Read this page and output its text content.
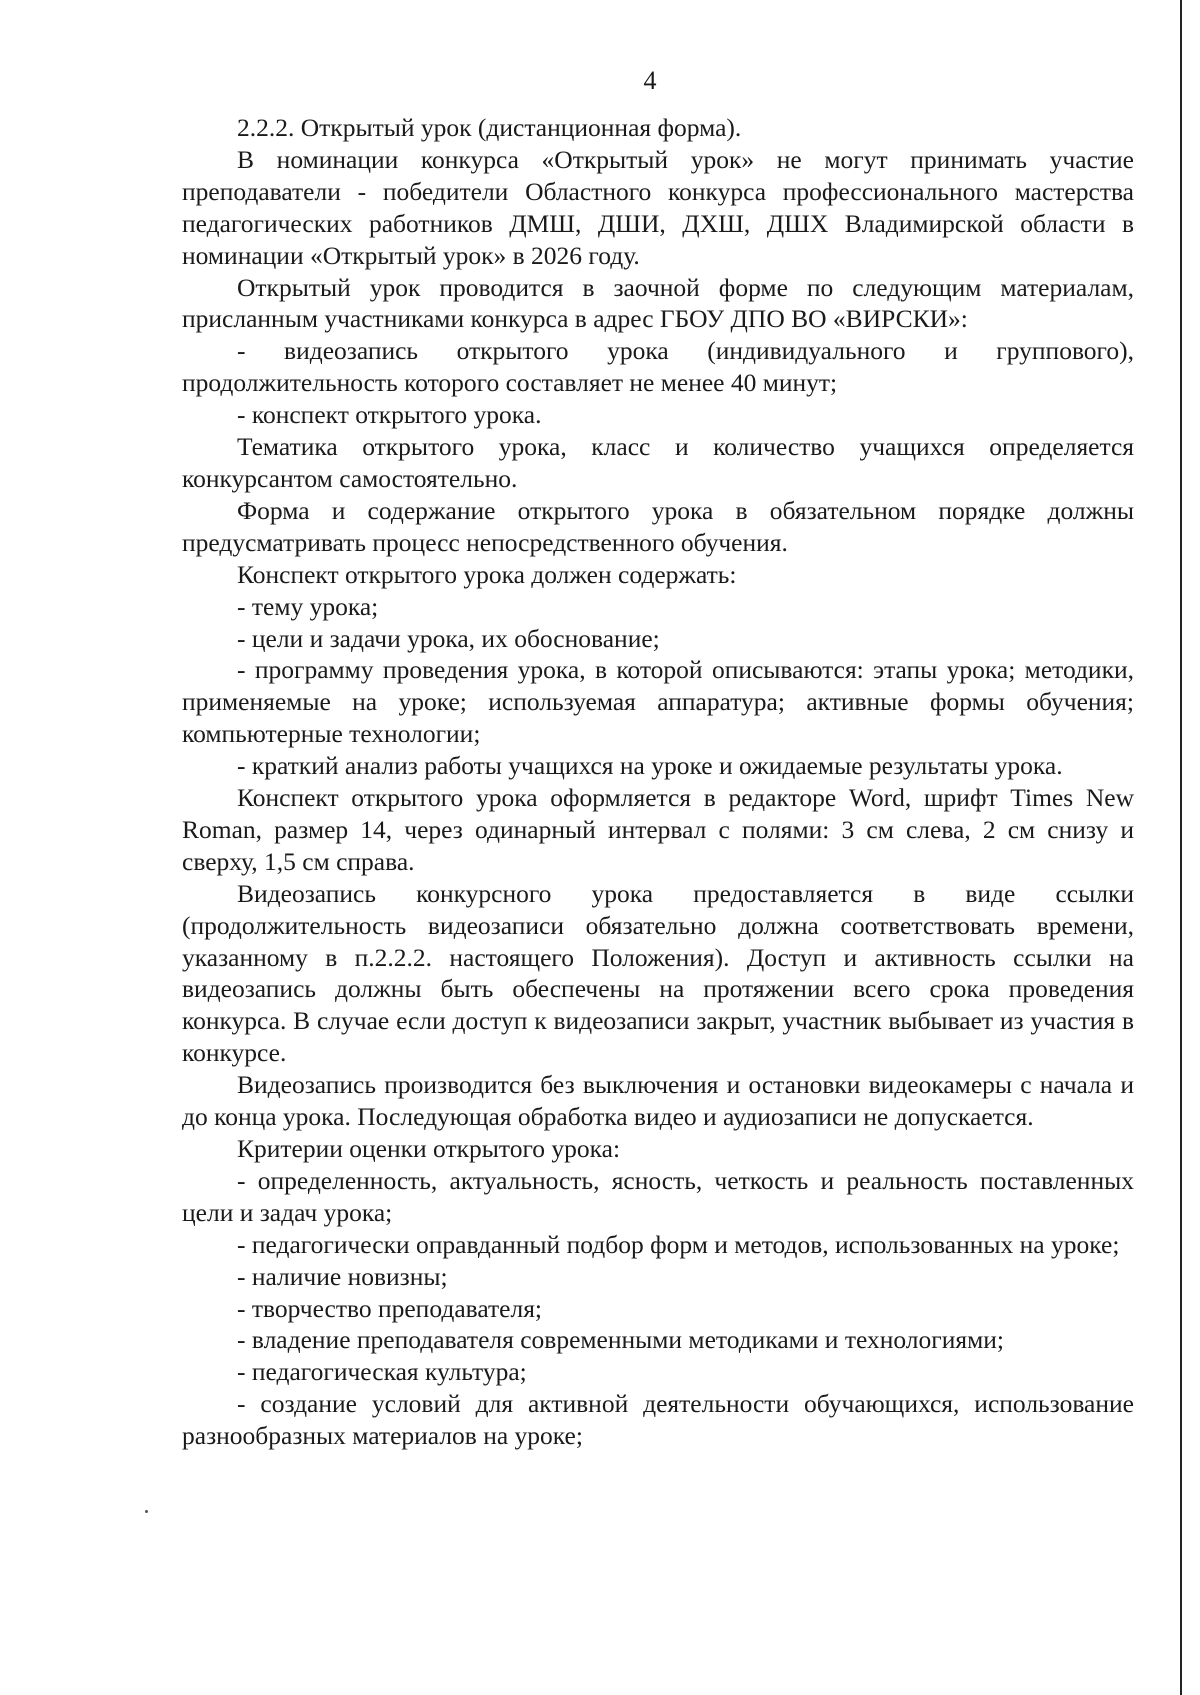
4

2.2.2. Открытый урок (дистанционная форма).

В номинации конкурса «Открытый урок» не могут принимать участие преподаватели - победители Областного конкурса профессионального мастерства педагогических работников ДМШ, ДШИ, ДХШ, ДШХ Владимирской области в номинации «Открытый урок» в 2026 году.

Открытый урок проводится в заочной форме по следующим материалам, присланным участниками конкурса в адрес ГБОУ ДПО ВО «ВИРСКИ»:

- видеозапись открытого урока (индивидуального и группового), продолжительность которого составляет не менее 40 минут;

- конспект открытого урока.

Тематика открытого урока, класс и количество учащихся определяется конкурсантом самостоятельно.

Форма и содержание открытого урока в обязательном порядке должны предусматривать процесс непосредственного обучения.

Конспект открытого урока должен содержать:

- тему урока;

- цели и задачи урока, их обоснование;

- программу проведения урока, в которой описываются: этапы урока; методики, применяемые на уроке; используемая аппаратура; активные формы обучения; компьютерные технологии;

- краткий анализ работы учащихся на уроке и ожидаемые результаты урока.

Конспект открытого урока оформляется в редакторе Word, шрифт Times New Roman, размер 14, через одинарный интервал с полями: 3 см слева, 2 см снизу и сверху, 1,5 см справа.

Видеозапись конкурсного урока предоставляется в виде ссылки (продолжительность видеозаписи обязательно должна соответствовать времени, указанному в п.2.2.2. настоящего Положения). Доступ и активность ссылки на видеозапись должны быть обеспечены на протяжении всего срока проведения конкурса. В случае если доступ к видеозаписи закрыт, участник выбывает из участия в конкурсе.

Видеозапись производится без выключения и остановки видеокамеры с начала и до конца урока. Последующая обработка видео и аудиозаписи не допускается.

Критерии оценки открытого урока:

- определенность, актуальность, ясность, четкость и реальность поставленных цели и задач урока;

- педагогически оправданный подбор форм и методов, использованных на уроке;

- наличие новизны;

- творчество преподавателя;

- владение преподавателя современными методиками и технологиями;

- педагогическая культура;

- создание условий для активной деятельности обучающихся, использование разнообразных материалов на уроке;
